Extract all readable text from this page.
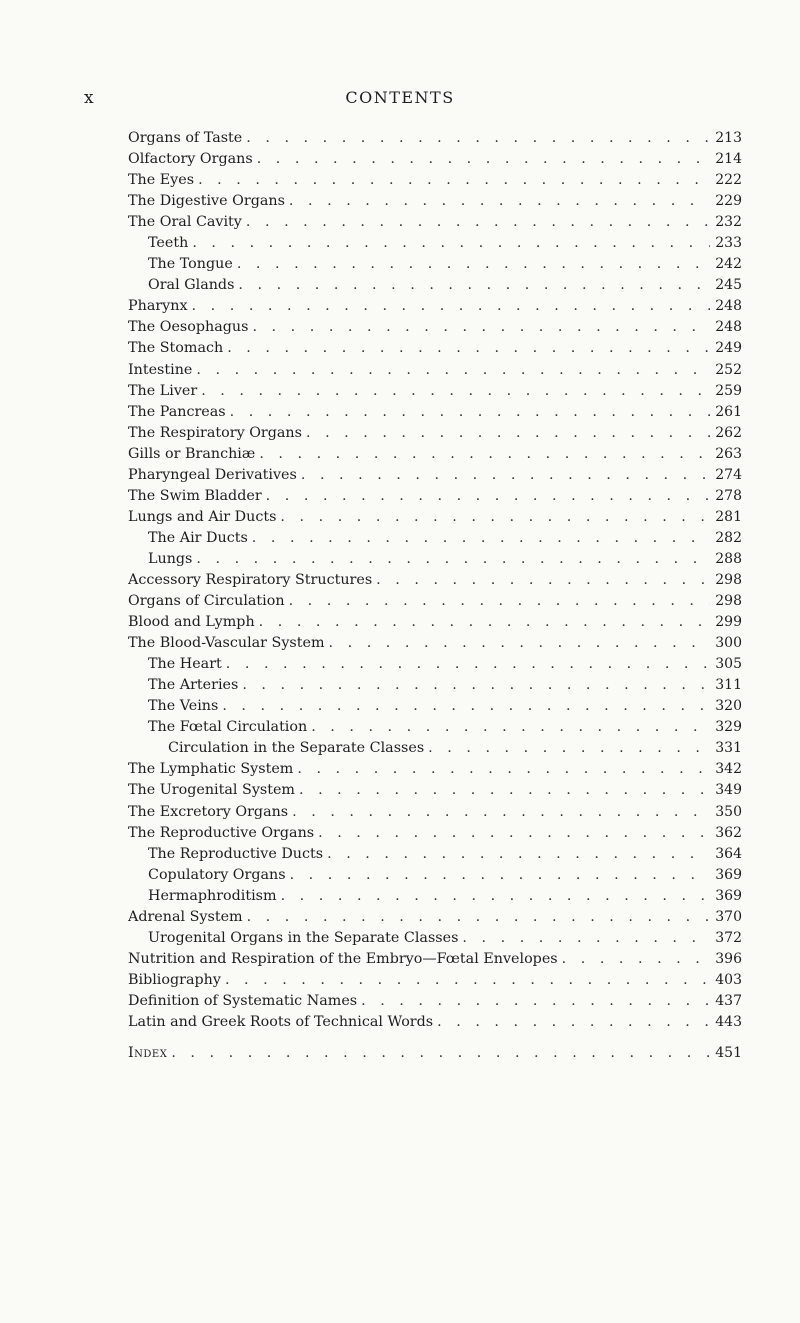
x	CONTENTS
Organs of Taste . . .	213
Olfactory Organs . . .	214
The Eyes . . .	222
The Digestive Organs . . .	229
The Oral Cavity . . .	232
Teeth . . .	233
The Tongue . . .	242
Oral Glands . . .	245
Pharynx . . .	248
The Oesophagus . . .	248
The Stomach . . .	249
Intestine . . .	252
The Liver . . .	259
The Pancreas . . .	261
The Respiratory Organs . . .	262
Gills or Branchiæ . . .	263
Pharyngeal Derivatives . . .	274
The Swim Bladder . . .	278
Lungs and Air Ducts . . .	281
The Air Ducts . . .	282
Lungs . . .	288
Accessory Respiratory Structures . . .	298
Organs of Circulation . . .	298
Blood and Lymph . . .	299
The Blood-Vascular System . . .	300
The Heart . . .	305
The Arteries . . .	311
The Veins . . .	320
The Fœtal Circulation . . .	329
Circulation in the Separate Classes . . .	331
The Lymphatic System . . .	342
The Urogenital System . . .	349
The Excretory Organs . . .	350
The Reproductive Organs . . .	362
The Reproductive Ducts . . .	364
Copulatory Organs . . .	369
Hermaphroditism . . .	369
Adrenal System . . .	370
Urogenital Organs in the Separate Classes . . .	372
Nutrition and Respiration of the Embryo—Fœtal Envelopes . . .	396
Bibliography . . .	403
Definition of Systematic Names . . .	437
Latin and Greek Roots of Technical Words . . .	443
Index . . .	451
